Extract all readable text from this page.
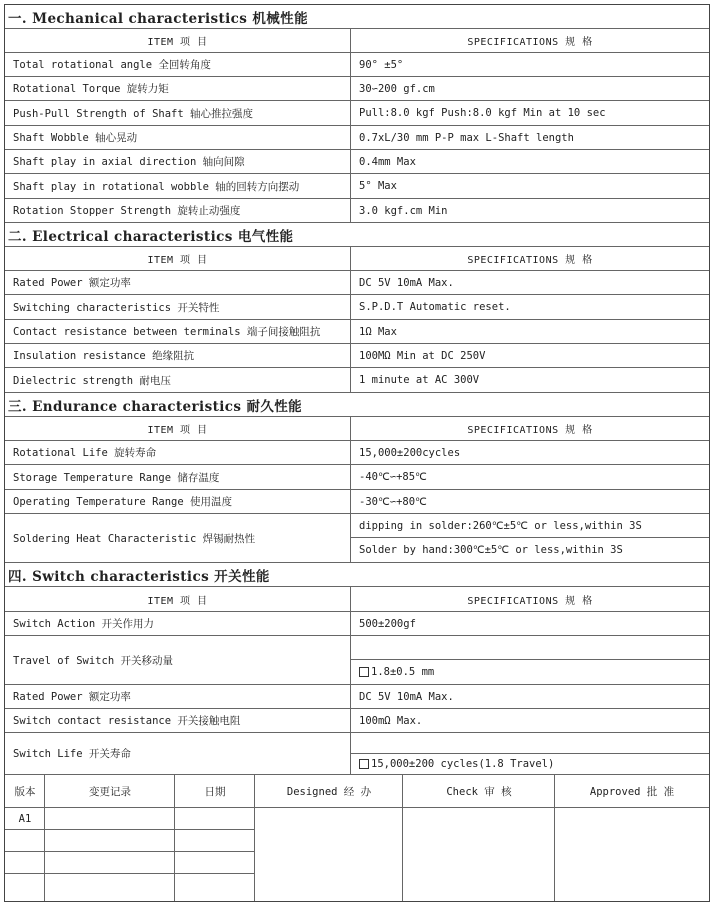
一. Mechanical characteristics 机械性能
ITEM 项 目	SPECIFICATIONS 规 格
Total rotational angle 全回转角度	90° ±5°
Rotational Torque 旋转力矩	30∽200 gf.cm
Push-Pull Strength of Shaft 轴心推拉强度	Pull:8.0 kgf Push:8.0 kgf Min at 10 sec
Shaft Wobble 轴心晃动	0.7xL/30 mm P-P max L-Shaft length
Shaft play in axial direction 轴向间隙	0.4mm Max
Shaft play in rotational wobble 轴的回转方向摆动	5° Max
Rotation Stopper Strength 旋转止动强度	3.0 kgf.cm Min
二. Electrical characteristics 电气性能
ITEM 项 目	SPECIFICATIONS 规 格
Rated Power 额定功率	DC 5V 10mA Max.
Switching characteristics 开关特性	S.P.D.T Automatic reset.
Contact resistance between terminals 端子间接触阻抗	1Ω Max
Insulation resistance 绝缘阻抗	100MΩ Min at DC 250V
Dielectric strength 耐电压	1 minute at AC 300V
三. Endurance characteristics 耐久性能
ITEM 项 目	SPECIFICATIONS 规 格
Rotational Life 旋转寿命	15,000±200cycles
Storage Temperature Range 储存温度	-40℃∽+85℃
Operating Temperature Range 使用温度	-30℃∽+80℃
Soldering Heat Characteristic 焊锡耐热性
dipping in solder:260℃±5℃ or less,within 3S
Solder by hand:300℃±5℃ or less,within 3S
四. Switch characteristics 开关性能
ITEM 项 目	SPECIFICATIONS 规 格
Switch Action 开关作用力	500±200gf
Travel of Switch 开关移动量
1.8±0.5 mm
Rated Power 额定功率	DC 5V 10mA Max.
Switch contact resistance 开关接触电阻	100mΩ Max.
Switch Life 开关寿命
15,000±200 cycles(1.8 Travel)
版本	变更记录	日期	Designed 经 办	Check 审 核	Approved 批 准
A1
